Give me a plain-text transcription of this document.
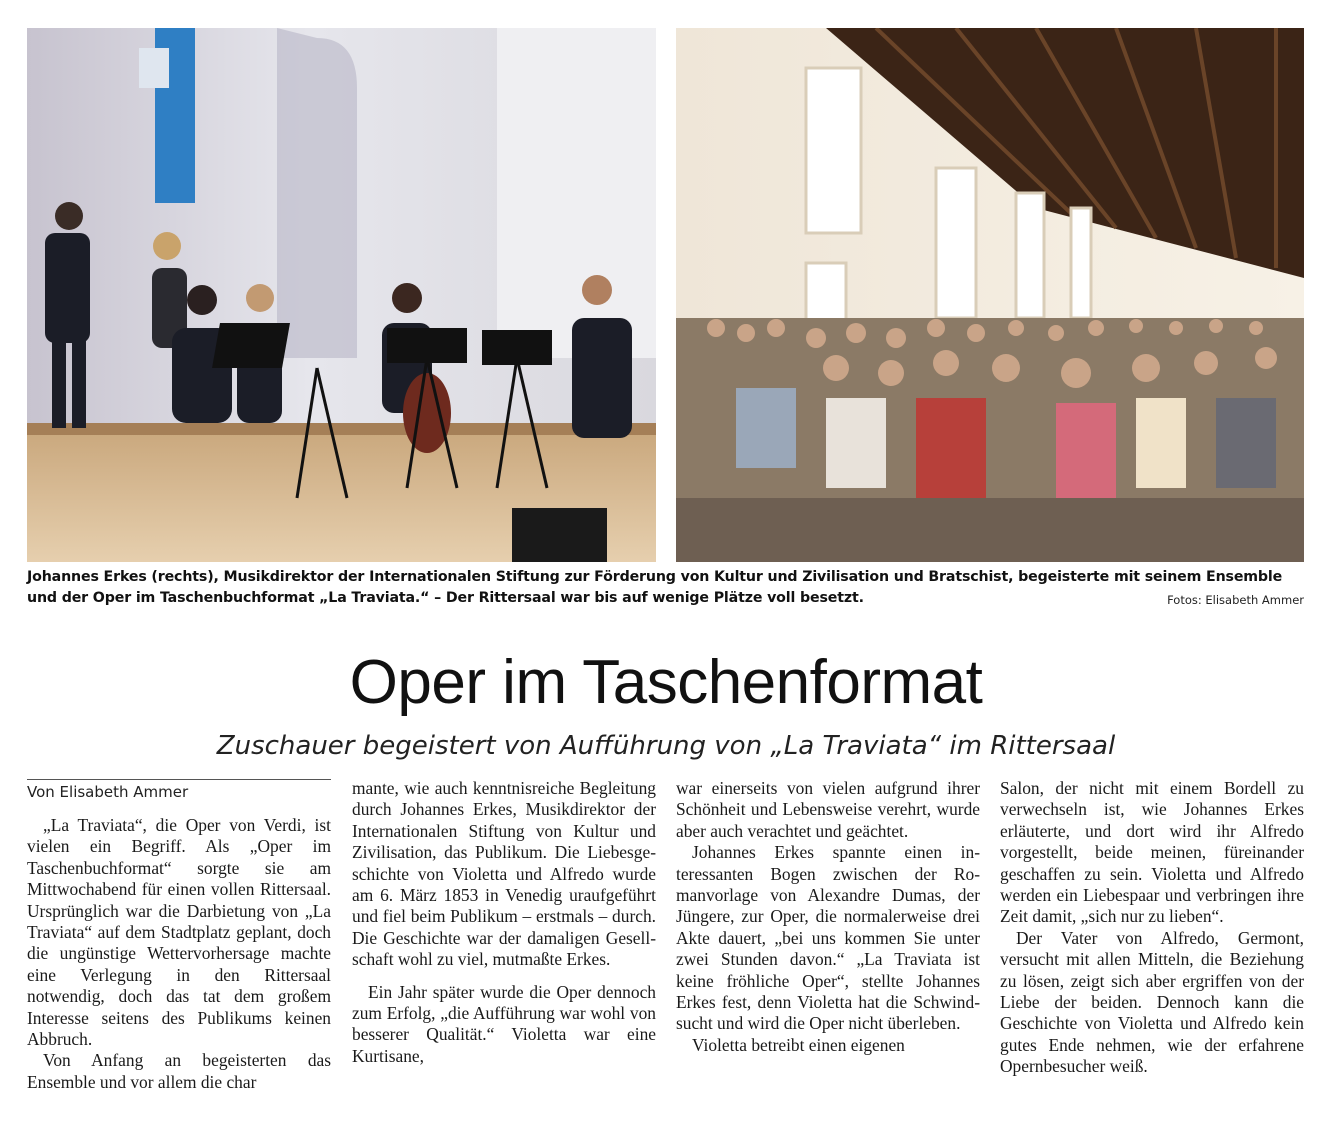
Johannes Erkes (rechts), Musikdirektor der Internationalen Stiftung zur Förderung von Kultur und Zivilisation und Bratschist, begeisterte mit seinem Ensemble und der Oper im Taschenbuchformat „La Traviata.“ – Der Rittersaal war bis auf wenige Plätze voll besetzt.	Fotos: Elisabeth Ammer
Oper im Taschenformat
Zuschauer begeistert von Aufführung von „La Traviata“ im Rittersaal

Von Elisabeth Ammer

„La Traviata“, die Oper von Verdi, ist vielen ein Begriff. Als „Oper im Taschenbuchformat“ sorgte sie am Mittwochabend für einen vollen Rittersaal. Ursprünglich war die Darbietung von „La Traviata“ auf dem Stadtplatz geplant, doch die ungünstige Wettervorhersage machte eine Verlegung in den Rittersaal notwendig, doch das tat dem großem Interesse seitens des Publikums keinen Abbruch.

Von Anfang an begeisterten das Ensemble und vor allem die char

mante, wie auch kenntnisreiche Begleitung durch Johannes Erkes, Musikdirektor der Internationalen Stiftung von Kultur und Zivilisation, das Publikum. Die Liebesgeschichte von Violetta und Alfredo wurde am 6. März 1853 in Venedig uraufgeführt und fiel beim Publikum – erstmals – durch. Die Geschichte war der damaligen Gesellschaft wohl zu viel, mutmaßte Erkes.

Ein Jahr später wurde die Oper dennoch zum Erfolg, „die Aufführung war wohl von besserer Qualität.“ Violetta war eine Kurtisane,

war einerseits von vielen aufgrund ihrer Schönheit und Lebensweise verehrt, wurde aber auch verachtet und geächtet.

Johannes Erkes spannte einen interessanten Bogen zwischen der Romanvorlage von Alexandre Dumas, der Jüngere, zur Oper, die normalerweise drei Akte dauert, „bei uns kommen Sie unter zwei Stunden davon.“ „La Traviata ist keine fröhliche Oper“, stellte Johannes Erkes fest, denn Violetta hat die Schwindsucht und wird die Oper nicht überleben.

Violetta betreibt einen eigenen

Salon, der nicht mit einem Bordell zu verwechseln ist, wie Johannes Erkes erläuterte, und dort wird ihr Alfredo vorgestellt, beide meinen, füreinander geschaffen zu sein. Violetta und Alfredo werden ein Liebespaar und verbringen ihre Zeit damit, „sich nur zu lieben“.

Der Vater von Alfredo, Germont, versucht mit allen Mitteln, die Beziehung zu lösen, zeigt sich aber ergriffen von der Liebe der beiden. Dennoch kann die Geschichte von Violetta und Alfredo kein gutes Ende nehmen, wie der erfahrene Opernbesucher weiß.
